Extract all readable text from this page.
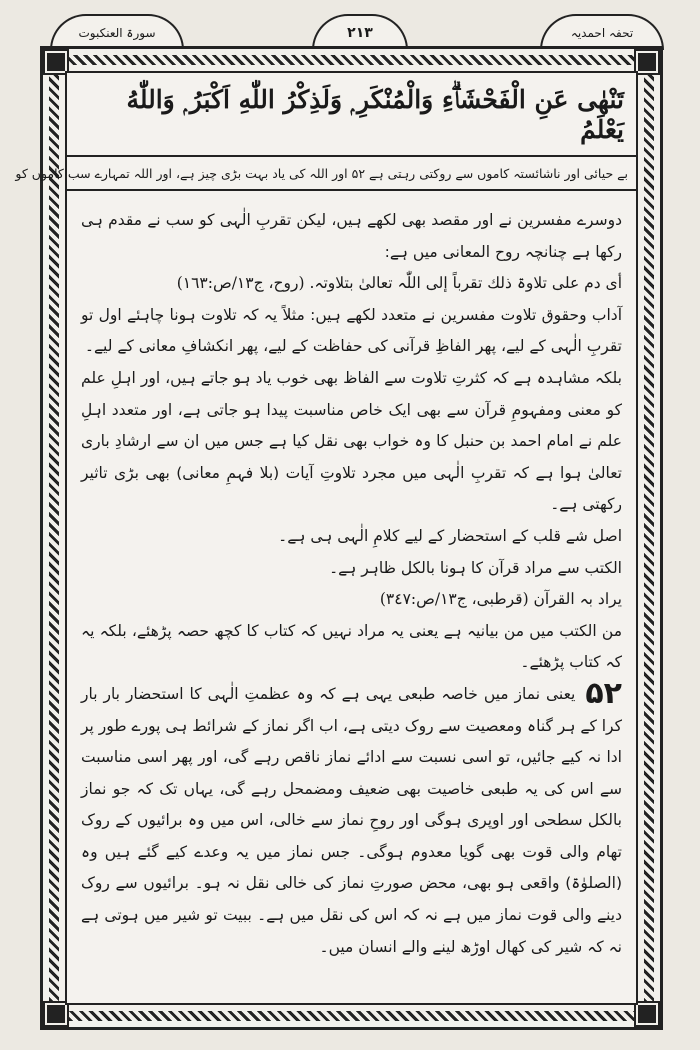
سورۃ العنکبوت	۲۱۳	تحفہ احمدیہ
تَنْهٰى عَنِ الْفَحْشَاۗءِ وَالْمُنْكَرِ ۭ وَلَذِكْرُ اللّٰهِ اَكْبَرُ ۭ وَاللّٰهُ يَعْلَمُ
بے حیائی اور ناشائستہ کاموں سے روکتی رہتی ہے

۵۲

اور اللہ کی یاد بہت بڑی چیز ہے، اور اللہ تمہارے سب کاموں کو

دوسرے مفسرین نے اور مقصد بھی لکھے ہیں، لیکن تقربِ الٰہی کو سب نے مقدم ہی رکھا ہے چنانچہ روح المعانی میں ہے:

أی دم علی تلاوۃ ذلك تقرباً إلی اللّٰہ تعالیٰ بتلاوتہ. (روح، ج١٣/ص:١٦٣)

آداب وحقوق تلاوت مفسرین نے متعدد لکھے ہیں: مثلاً یہ کہ تلاوت ہونا چاہئے اول تو تقربِ الٰہی کے لیے، پھر الفاظِ قرآنی کی حفاظت کے لیے، پھر انکشافِ معانی کے لیے۔

بلکہ مشاہدہ ہے کہ کثرتِ تلاوت سے الفاظ بھی خوب یاد ہو جاتے ہیں، اور اہلِ علم کو معنی ومفہومِ قرآن سے بھی ایک خاص مناسبت پیدا ہو جاتی ہے، اور متعدد اہلِ علم نے امام احمد بن حنبل کا وہ خواب بھی نقل کیا ہے جس میں ان سے ارشادِ باری تعالیٰ ہوا ہے کہ تقربِ الٰہی میں مجرد تلاوتِ آیات (بلا فہمِ معانی) بھی بڑی تاثیر رکھتی ہے۔

اصل شے قلب کے استحضار کے لیے کلامِ الٰہی ہی ہے۔

الکتب سے مراد قرآن کا ہونا بالکل ظاہر ہے۔

یراد بہ القرآن (قرطبی، ج١٣/ص:٣٤٧)

من الکتب میں من بیانیہ ہے یعنی یہ مراد نہیں کہ کتاب کا کچھ حصہ پڑھئے، بلکہ یہ کہ کتاب پڑھئے۔

۵۲یعنی نماز میں خاصہ طبعی یہی ہے کہ وہ عظمتِ الٰہی کا استحضار بار بار کرا کے ہر گناہ ومعصیت سے روک دیتی ہے، اب اگر نماز کے شرائط ہی پورے طور پر ادا نہ کیے جائیں، تو اسی نسبت سے ادائے نماز ناقص رہے گی، اور پھر اسی مناسبت سے اس کی یہ طبعی خاصیت بھی ضعیف ومضمحل رہے گی، یہاں تک کہ جو نماز بالکل سطحی اور اوپری ہوگی اور روحِ نماز سے خالی، اس میں وہ برائیوں کے روک تھام والی قوت بھی گویا معدوم ہوگی۔ جس نماز میں یہ وعدے کیے گئے ہیں وہ (الصلوٰۃ) واقعی ہو بھی، محض صورتِ نماز کی خالی نقل نہ ہو۔ برائیوں سے روک دینے والی قوت نماز میں ہے نہ کہ اس کی نقل میں ہے۔ ببیت تو شیر میں ہوتی ہے نہ کہ شیر کی کھال اوڑھ لینے والے انسان میں۔
